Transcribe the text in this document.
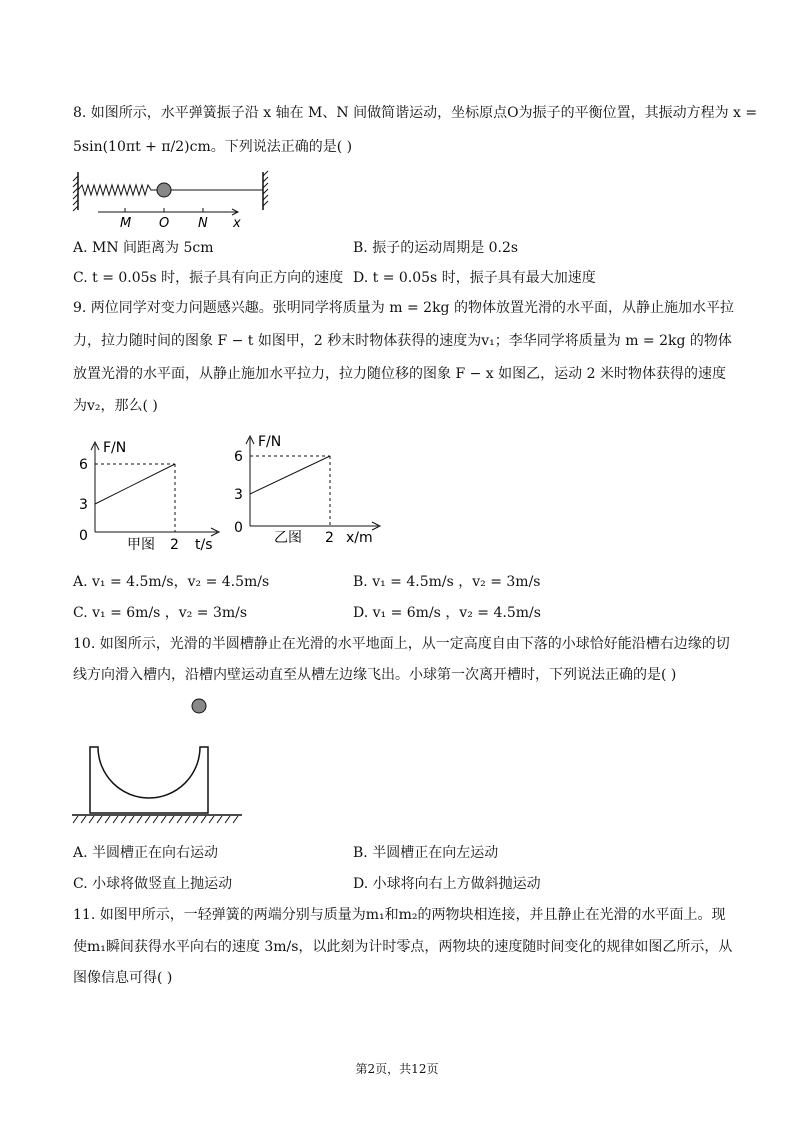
8. 如图所示，水平弹簧振子沿 x 轴在 M、N 间做简谐运动，坐标原点O为振子的平衡位置，其振动方程为 x =
5sin(10πt + π/2)cm。下列说法正确的是( )
M O N x
A. MN 间距离为 5cm	B. 振子的运动周期是 0.2s
C. t = 0.05s 时，振子具有向正方向的速度 D. t = 0.05s 时，振子具有最大加速度
9. 两位同学对变力问题感兴趣。张明同学将质量为 m = 2kg 的物体放置光滑的水平面，从静止施加水平拉
力，拉力随时间的图象 F − t 如图甲，2 秒末时物体获得的速度为v₁；李华同学将质量为 m = 2kg 的物体
放置光滑的水平面，从静止施加水平拉力，拉力随位移的图象 F − x 如图乙，运动 2 米时物体获得的速度
为v₂，那么( )
F/N
6
3
0
2 t/s
甲图
F/N
6
3
0
2 x/m
乙图
A. v₁ = 4.5m/s，v₂ = 4.5m/s	B. v₁ = 4.5m/s ，v₂ = 3m/s
C. v₁ = 6m/s ，v₂ = 3m/s	D. v₁ = 6m/s ，v₂ = 4.5m/s
10. 如图所示，光滑的半圆槽静止在光滑的水平地面上，从一定高度自由下落的小球恰好能沿槽右边缘的切
线方向滑入槽内，沿槽内壁运动直至从槽左边缘飞出。小球第一次离开槽时，下列说法正确的是( )
A. 半圆槽正在向右运动	B. 半圆槽正在向左运动
C. 小球将做竖直上抛运动	D. 小球将向右上方做斜抛运动
11. 如图甲所示，一轻弹簧的两端分别与质量为m₁和m₂的两物块相连接，并且静止在光滑的水平面上。现
使m₁瞬间获得水平向右的速度 3m/s，以此刻为计时零点，两物块的速度随时间变化的规律如图乙所示，从
图像信息可得( )
第2页，共12页
